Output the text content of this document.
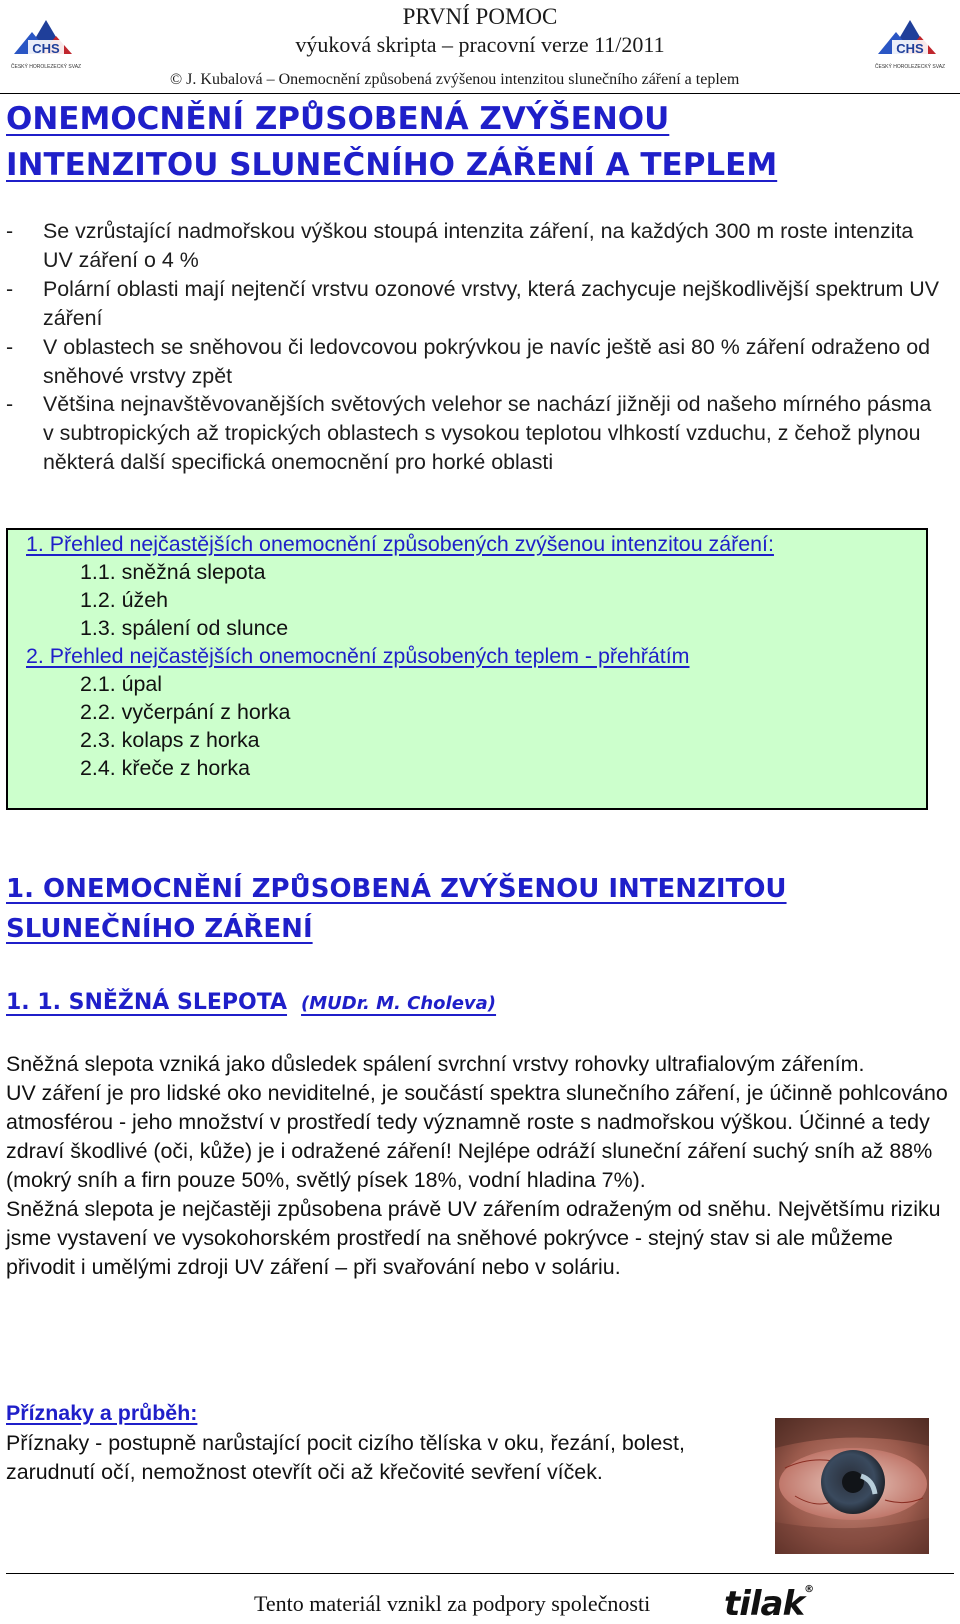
CHS
ČESKÝ HOROLEZECKÝ SVAZ
CHS
ČESKÝ HOROLEZECKÝ SVAZ
PRVNÍ POMOC
výuková skripta – pracovní verze 11/2011
© J. Kubalová – Onemocnění způsobená zvýšenou intenzitou slunečního záření a teplem
ONEMOCNĚNÍ ZPŮSOBENÁ ZVÝŠENOU
INTENZITOU SLUNEČNÍHO ZÁŘENÍ A TEPLEM
- Se vzrůstající nadmořskou výškou stoupá intenzita záření, na každých 300 m roste intenzita UV záření o 4 %
- Polární oblasti mají nejtenčí vrstvu ozonové vrstvy, která zachycuje nejškodlivější spektrum UV záření
- V oblastech se sněhovou či ledovcovou pokrývkou je navíc ještě asi 80 % záření odraženo od sněhové vrstvy zpět
- Většina nejnavštěvovanějších světových velehor se nachází jižněji od našeho mírného pásma v subtropických až tropických oblastech s vysokou teplotou vlhkostí vzduchu, z čehož plynou některá další specifická onemocnění pro horké oblasti
1. Přehled nejčastějších onemocnění způsobených zvýšenou intenzitou záření:
1.1. sněžná slepota
1.2. úžeh
1.3. spálení od slunce
2. Přehled nejčastějších onemocnění způsobených teplem - přehřátím
2.1. úpal
2.2. vyčerpání z horka
2.3. kolaps z horka
2.4. křeče z horka
1. ONEMOCNĚNÍ ZPŮSOBENÁ ZVÝŠENOU INTENZITOU
SLUNEČNÍHO ZÁŘENÍ
1. 1. SNĚŽNÁ SLEPOTA (MUDr. M. Choleva)
Sněžná slepota vzniká jako důsledek spálení svrchní vrstvy rohovky ultrafialovým zářením.
UV záření je pro lidské oko neviditelné, je součástí spektra slunečního záření, je účinně pohlcováno atmosférou - jeho množství v prostředí tedy významně roste s nadmořskou výškou. Účinné a tedy zdraví škodlivé (oči, kůže) je i odražené záření! Nejlépe odráží sluneční záření suchý sníh až 88% (mokrý sníh a firn pouze 50%, světlý písek 18%, vodní hladina 7%).
Sněžná slepota je nejčastěji způsobena právě UV zářením odraženým od sněhu. Největšímu riziku jsme vystavení ve vysokohorském prostředí na sněhové pokrývce - stejný stav si ale můžeme přivodit i umělými zdroji UV záření – při svařování nebo v soláriu.
Příznaky a průběh:
Příznaky - postupně narůstající pocit cizího tělíska v oku, řezání, bolest, zarudnutí očí, nemožnost otevřít oči až křečovité sevření víček.
Tento materiál vznikl za podpory společnosti tilak®
